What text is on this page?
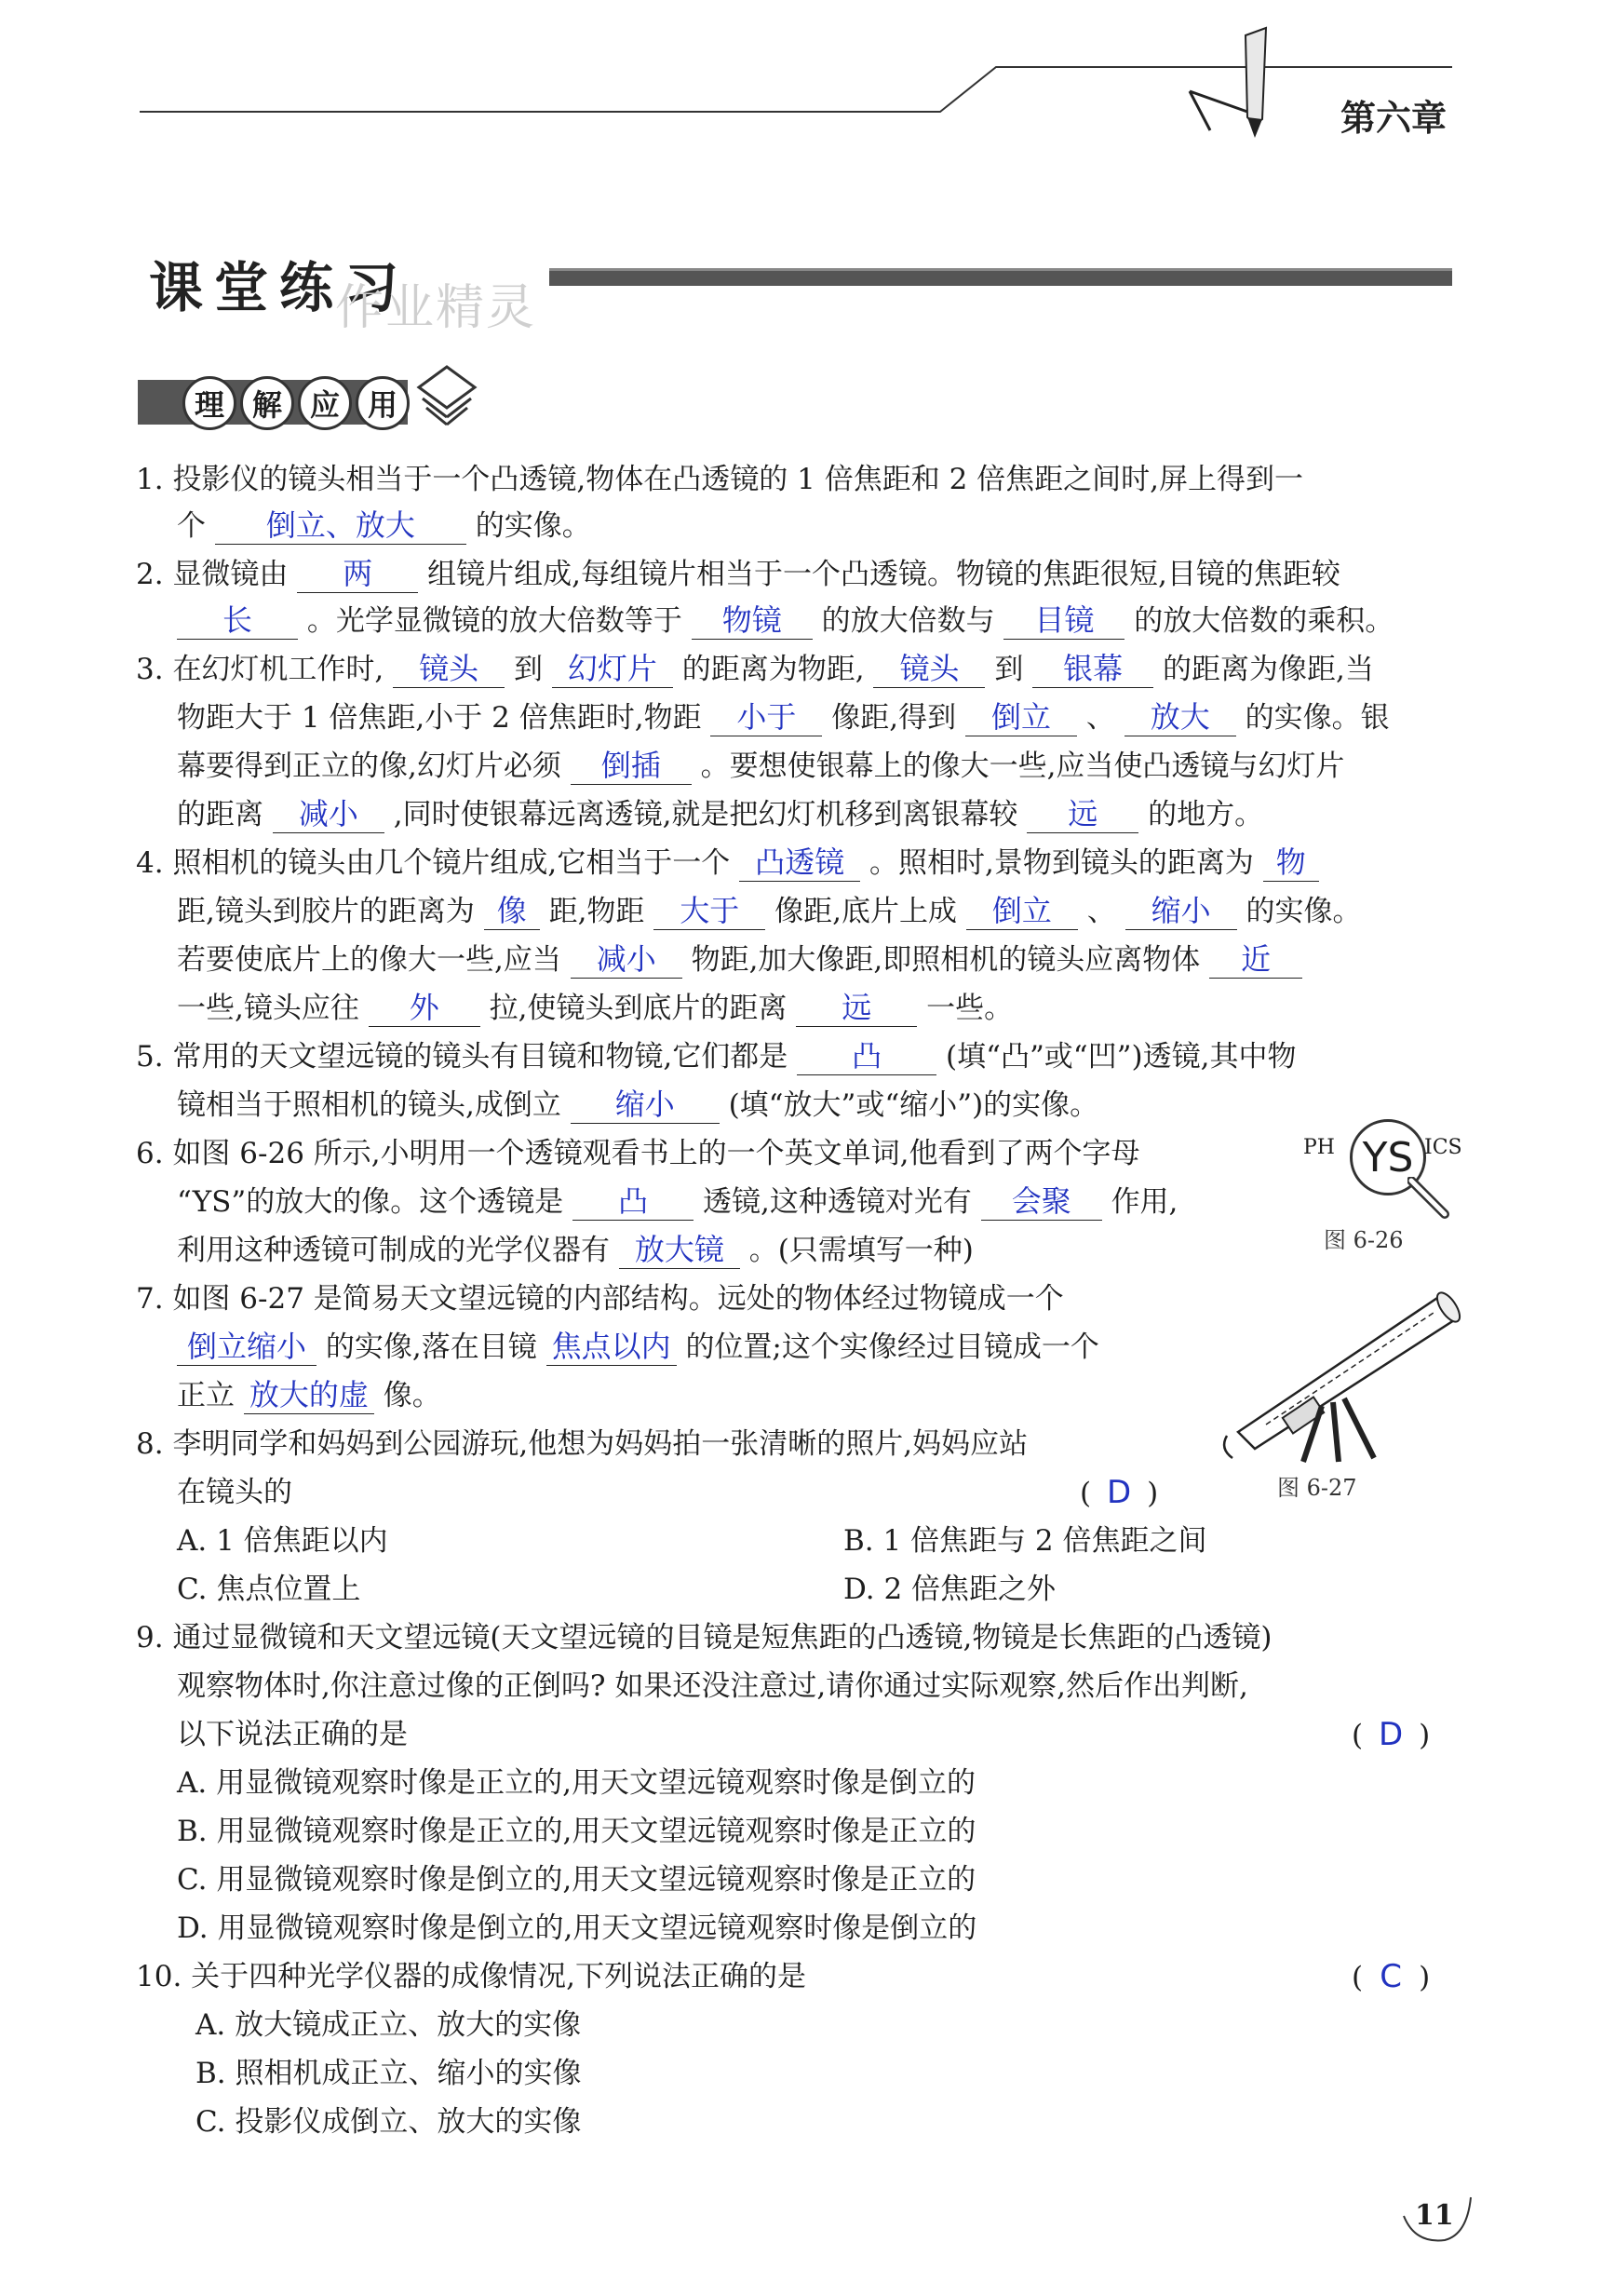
第六章
课堂练习
作业精灵
理 解 应 用
1. 投影仪的镜头相当于一个凸透镜,物体在凸透镜的 1 倍焦距和 2 倍焦距之间时,屏上得到一
个 倒立、放大 的实像。
2. 显微镜由 两 组镜片组成,每组镜片相当于一个凸透镜。物镜的焦距很短,目镜的焦距较
长 。光学显微镜的放大倍数等于 物镜 的放大倍数与 目镜 的放大倍数的乘积。
3. 在幻灯机工作时, 镜头 到 幻灯片 的距离为物距, 镜头 到 银幕 的距离为像距,当
物距大于 1 倍焦距,小于 2 倍焦距时,物距 小于 像距,得到 倒立 、 放大 的实像。银
幕要得到正立的像,幻灯片必须 倒插 。要想使银幕上的像大一些,应当使凸透镜与幻灯片
的距离 减小 ,同时使银幕远离透镜,就是把幻灯机移到离银幕较 远 的地方。
4. 照相机的镜头由几个镜片组成,它相当于一个 凸透镜 。照相时,景物到镜头的距离为 物
距,镜头到胶片的距离为 像 距,物距 大于 像距,底片上成 倒立 、 缩小 的实像。
若要使底片上的像大一些,应当 减小 物距,加大像距,即照相机的镜头应离物体 近
一些,镜头应往 外 拉,使镜头到底片的距离 远 一些。
5. 常用的天文望远镜的镜头有目镜和物镜,它们都是 凸 (填“凸”或“凹”)透镜,其中物
镜相当于照相机的镜头,成倒立 缩小 (填“放大”或“缩小”)的实像。
6. 如图 6-26 所示,小明用一个透镜观看书上的一个英文单词,他看到了两个字母
“YS”的放大的像。这个透镜是 凸 透镜,这种透镜对光有 会聚 作用,
利用这种透镜可制成的光学仪器有 放大镜 。(只需填写一种)
PH YS ICS
图 6-26
7. 如图 6-27 是简易天文望远镜的内部结构。远处的物体经过物镜成一个
倒立缩小 的实像,落在目镜 焦点以内 的位置;这个实像经过目镜成一个
正立 放大的虚 像。
图 6-27
8. 李明同学和妈妈到公园游玩,他想为妈妈拍一张清晰的照片,妈妈应站
在镜头的	( D )
A. 1 倍焦距以内	B. 1 倍焦距与 2 倍焦距之间
C. 焦点位置上	D. 2 倍焦距之外
9. 通过显微镜和天文望远镜(天文望远镜的目镜是短焦距的凸透镜,物镜是长焦距的凸透镜)
观察物体时,你注意过像的正倒吗? 如果还没注意过,请你通过实际观察,然后作出判断,
以下说法正确的是	( D )
A. 用显微镜观察时像是正立的,用天文望远镜观察时像是倒立的
B. 用显微镜观察时像是正立的,用天文望远镜观察时像是正立的
C. 用显微镜观察时像是倒立的,用天文望远镜观察时像是正立的
D. 用显微镜观察时像是倒立的,用天文望远镜观察时像是倒立的
10. 关于四种光学仪器的成像情况,下列说法正确的是	( C )
A. 放大镜成正立、放大的实像
B. 照相机成正立、缩小的实像
C. 投影仪成倒立、放大的实像
11
